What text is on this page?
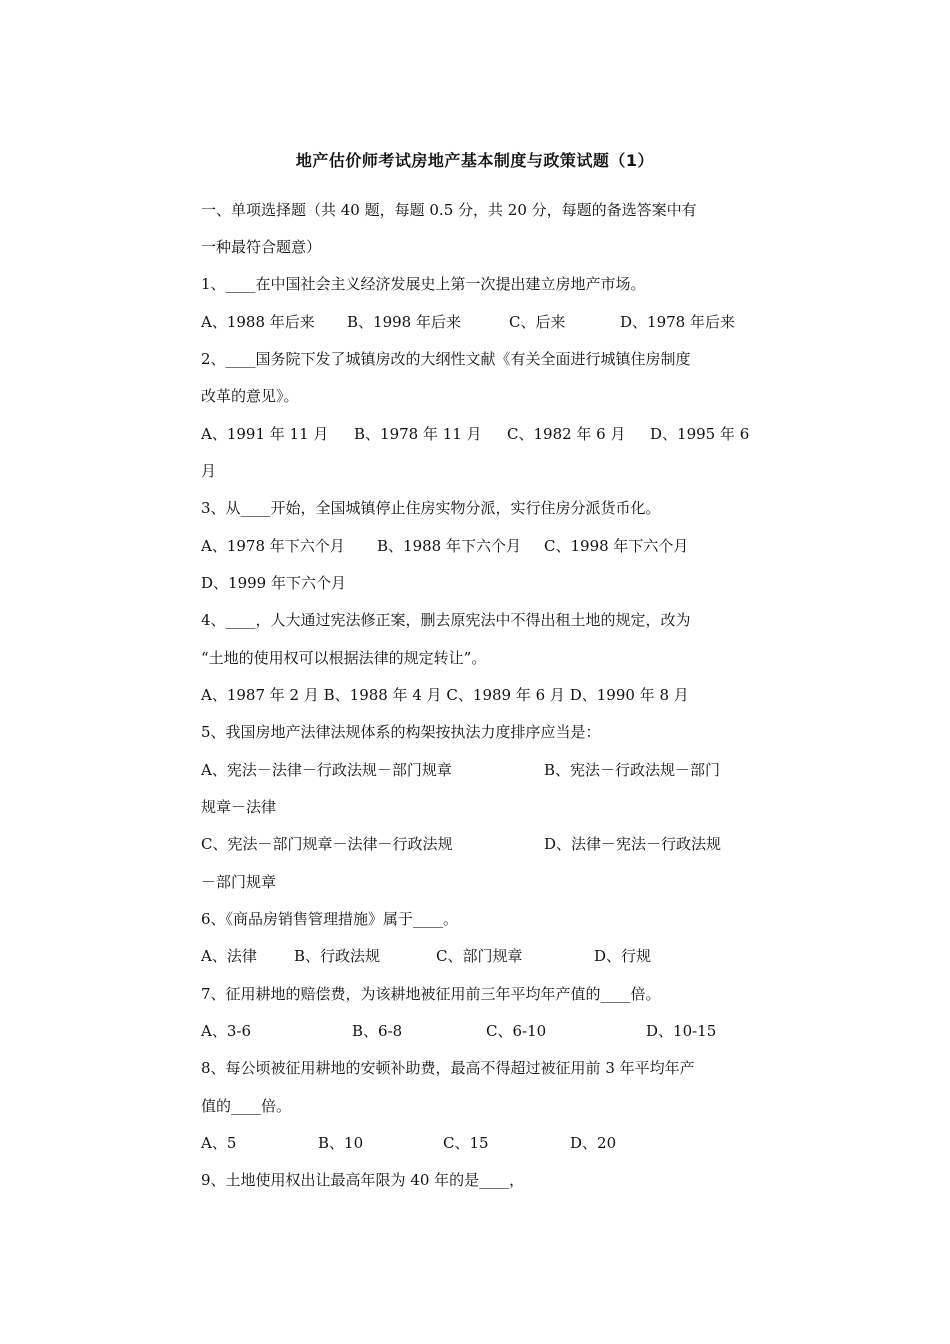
地产估价师考试房地产基本制度与政策试题（1）
一、单项选择题（共 40 题，每题 0.5 分，共 20 分，每题的备选答案中有
一种最符合题意）
1、____在中国社会主义经济发展史上第一次提出建立房地产市场。
A、1988 年后来 B、1998 年后来	C、后来	D、1978 年后来
2、____国务院下发了城镇房改的大纲性文献《有关全面进行城镇住房制度
改革的意见》。
A、1991 年 11 月 B、1978 年 11 月 C、1982 年 6 月 D、1995 年 6
月
3、从____开始，全国城镇停止住房实物分派，实行住房分派货币化。
A、1978 年下六个月 B、1988 年下六个月 C、1998 年下六个月
D、1999 年下六个月
4、____，人大通过宪法修正案，删去原宪法中不得出租土地的规定，改为
“土地的使用权可以根据法律的规定转让”。
A、1987 年 2 月 B、1988 年 4 月 C、1989 年 6 月 D、1990 年 8 月
5、我国房地产法律法规体系的构架按执法力度排序应当是：
A、宪法－法律－行政法规－部门规章	B、宪法－行政法规－部门
规章－法律
C、宪法－部门规章－法律－行政法规	D、法律－宪法－行政法规
－部门规章
6、《商品房销售管理措施》属于____。
A、法律 B、行政法规	C、部门规章	D、行规
7、征用耕地的赔偿费，为该耕地被征用前三年平均年产值的____倍。
A、3-6	B、6-8	C、6-10	D、10-15
8、每公顷被征用耕地的安顿补助费，最高不得超过被征用前 3 年平均年产
值的____倍。
A、5	B、10	C、15	D、20
9、土地使用权出让最高年限为 40 年的是____，
